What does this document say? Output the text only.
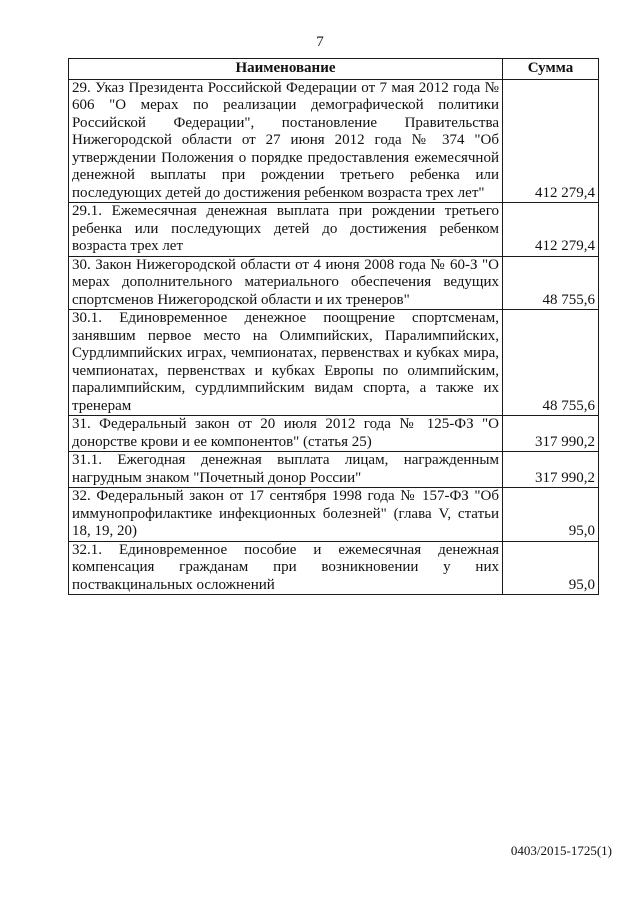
7
Наименование	Сумма
29. Указ Президента Российской Федерации от 7 мая 2012 года № 606 "О мерах по реализации демографической политики Российской Федерации", постановление Правительства Нижегородской области от 27 июня 2012 года № 374 "Об утверждении Положения о порядке предоставления ежемесячной денежной выплаты при рождении третьего ребенка или последующих детей до достижения ребенком возраста трех лет"	412 279,4
29.1. Ежемесячная денежная выплата при рождении третьего ребенка или последующих детей до достижения ребенком возраста трех лет	412 279,4
30. Закон Нижегородской области от 4 июня 2008 года № 60-З "О мерах дополнительного материального обеспечения ведущих спортсменов Нижегородской области и их тренеров"	48 755,6
30.1. Единовременное денежное поощрение спортсменам, занявшим первое место на Олимпийских, Паралимпийских, Сурдлимпийских играх, чемпионатах, первенствах и кубках мира, чемпионатах, первенствах и кубках Европы по олимпийским, паралимпийским, сурдлимпийским видам спорта, а также их тренерам	48 755,6
31. Федеральный закон от 20 июля 2012 года № 125-ФЗ "О донорстве крови и ее компонентов" (статья 25)	317 990,2
31.1. Ежегодная денежная выплата лицам, награжденным нагрудным знаком "Почетный донор России"	317 990,2
32. Федеральный закон от 17 сентября 1998 года № 157-ФЗ "Об иммунопрофилактике инфекционных болезней" (глава V, статьи 18, 19, 20)	95,0
32.1. Единовременное пособие и ежемесячная денежная компенсация гражданам при возникновении у них поствакцинальных осложнений	95,0
0403/2015-1725(1)
